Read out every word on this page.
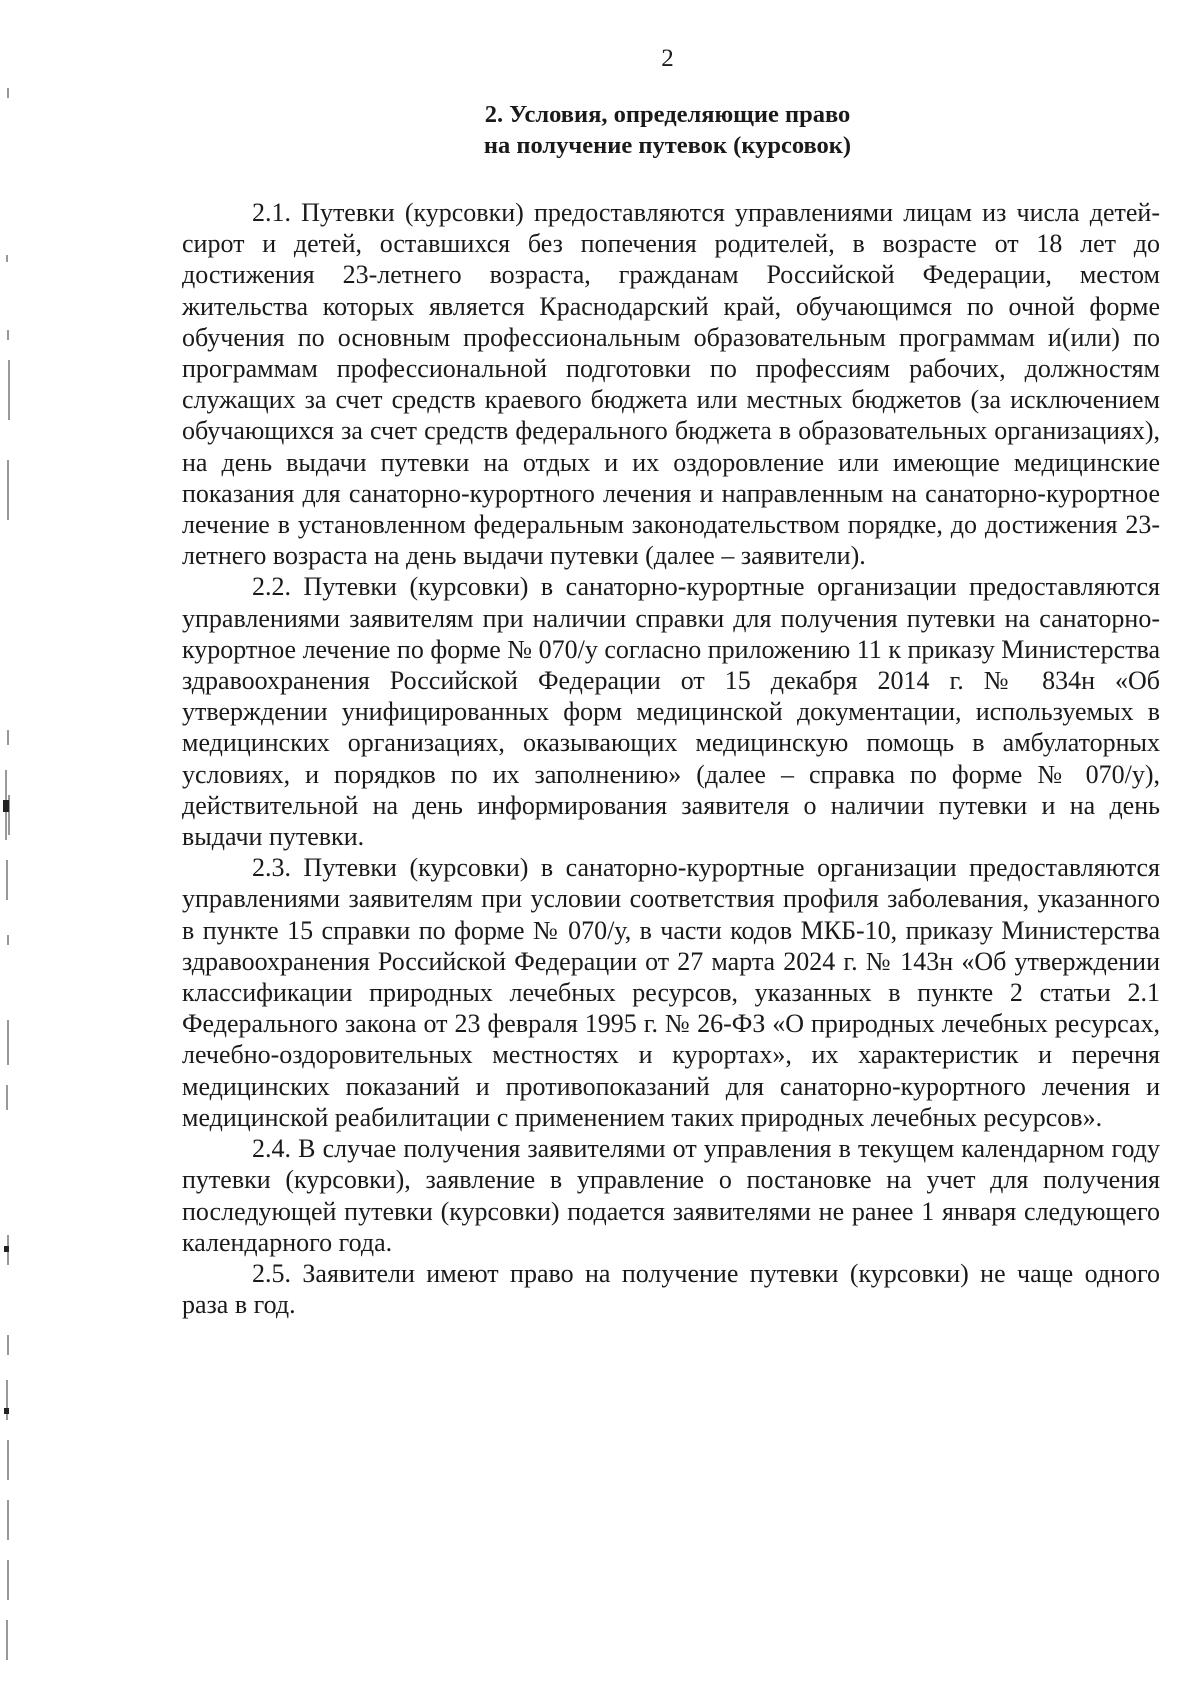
2
2. Условия, определяющие право
на получение путевок (курсовок)

2.1. Путевки (курсовки) предоставляются управлениями лицам из числа детей-сирот и детей, оставшихся без попечения родителей, в возрасте от 18 лет до достижения 23-летнего возраста, гражданам Российской Федерации, местом жительства которых является Краснодарский край, обучающимся по очной форме обучения по основным профессиональным образовательным программам и(или) по программам профессиональной подготовки по профессиям рабочих, должностям служащих за счет средств краевого бюджета или местных бюджетов (за исключением обучающихся за счет средств федерального бюджета в образовательных организациях), на день выдачи путевки на отдых и их оздоровление или имеющие медицинские показания для санаторно-курортного лечения и направленным на санаторно-курортное лечение в установленном федеральным законодательством порядке, до достижения 23-летнего возраста на день выдачи путевки (далее – заявители).

2.2. Путевки (курсовки) в санаторно-курортные организации предоставляются управлениями заявителям при наличии справки для получения путевки на санаторно-курортное лечение по форме № 070/у согласно приложению 11 к приказу Министерства здравоохранения Российской Федерации от 15 декабря 2014 г. № 834н «Об утверждении унифицированных форм медицинской документации, используемых в медицинских организациях, оказывающих медицинскую помощь в амбулаторных условиях, и порядков по их заполнению» (далее – справка по форме № 070/у), действительной на день информирования заявителя о наличии путевки и на день выдачи путевки.

2.3. Путевки (курсовки) в санаторно-курортные организации предоставляются управлениями заявителям при условии соответствия профиля заболевания, указанного в пункте 15 справки по форме № 070/у, в части кодов МКБ-10, приказу Министерства здравоохранения Российской Федерации от 27 марта 2024 г. № 143н «Об утверждении классификации природных лечебных ресурсов, указанных в пункте 2 статьи 2.1 Федерального закона от 23 февраля 1995 г. № 26-ФЗ «О природных лечебных ресурсах, лечебно-оздоровительных местностях и курортах», их характеристик и перечня медицинских показаний и противопоказаний для санаторно-курортного лечения и медицинской реабилитации с применением таких природных лечебных ресурсов».

2.4. В случае получения заявителями от управления в текущем календарном году путевки (курсовки), заявление в управление о постановке на учет для получения последующей путевки (курсовки) подается заявителями не ранее 1 января следующего календарного года.

2.5. Заявители имеют право на получение путевки (курсовки) не чаще одного раза в год.
